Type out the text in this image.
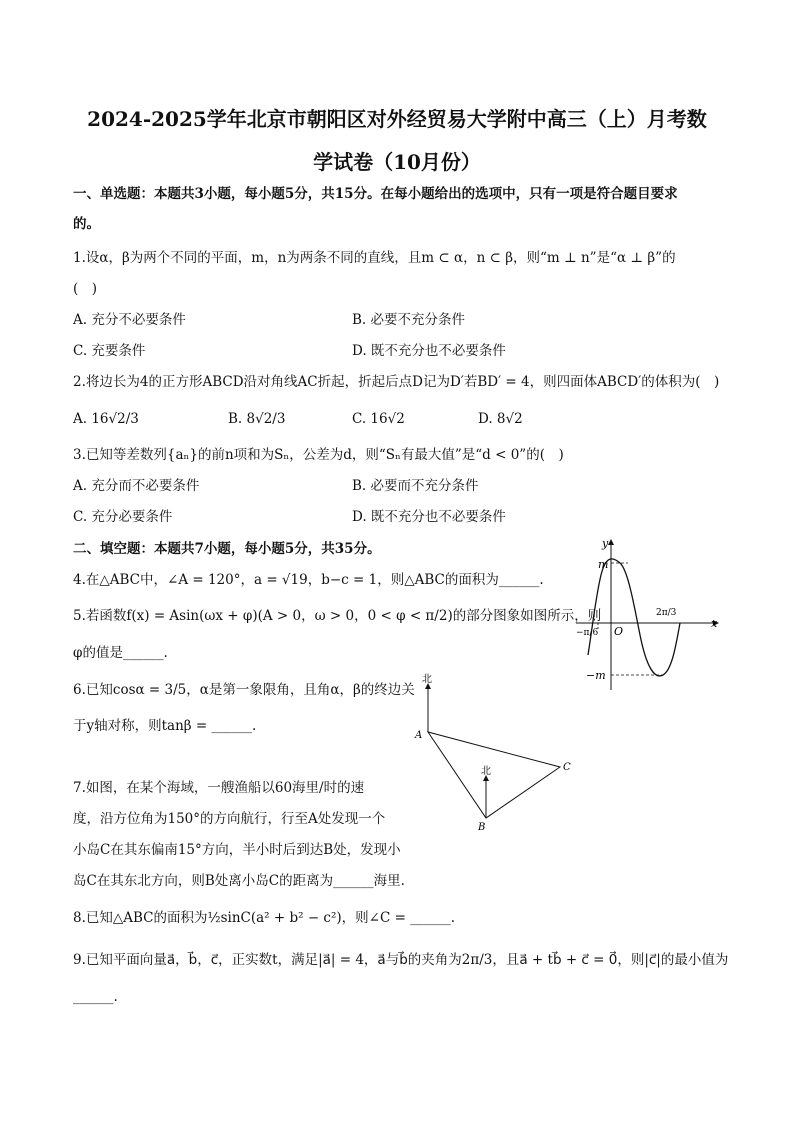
2024-2025学年北京市朝阳区对外经贸易大学附中高三（上）月考数
学试卷（10月份）
一、单选题：本题共3小题，每小题5分，共15分。在每小题给出的选项中，只有一项是符合题目要求
的。
1.设α，β为两个不同的平面，m，n为两条不同的直线，且m ⊂ α，n ⊂ β，则“m ⊥ n”是“α ⊥ β”的
(　)
A. 充分不必要条件	B. 必要不充分条件
C. 充要条件	D. 既不充分也不必要条件
2.将边长为4的正方形ABCD沿对角线AC折起，折起后点D记为D′若BD′ = 4，则四面体ABCD′的体积为(　)
A. 16√2/3	B. 8√2/3	C. 16√2	D. 8√2
3.已知等差数列{aₙ}的前n项和为Sₙ，公差为d，则“Sₙ有最大值”是“d < 0”的(　)
A. 充分而不必要条件	B. 必要而不充分条件
C. 充分必要条件	D. 既不充分也不必要条件
二、填空题：本题共7小题，每小题5分，共35分。
4.在△ABC中，∠A = 120°，a = √19，b−c = 1，则△ABC的面积为______.
5.若函数f(x) = Asin(ωx + φ)(A > 0，ω > 0，0 < φ < π/2)的部分图象如图所示，则
φ的值是______.
6.已知cosα = 3/5，α是第一象限角，且角α，β的终边关
于y轴对称，则tanβ = ______.
7.如图，在某个海域，一艘渔船以60海里/时的速
度，沿方位角为150°的方向航行，行至A处发现一个
小岛C在其东偏南15°方向，半小时后到达B处，发现小
岛C在其东北方向，则B处离小岛C的距离为______海里.
8.已知△ABC的面积为½sinC(a² + b² − c²)，则∠C = ______.
9.已知平面向量a⃗，b⃗，c⃗，正实数t，满足|a⃗| = 4，a⃗与b⃗的夹角为2π/3，且a⃗ + tb⃗ + c⃗ = 0⃗，则|c⃗|的最小值为
______.
y
x
O
m
−m
−π/6
2π/3
北
北
A
B
C
